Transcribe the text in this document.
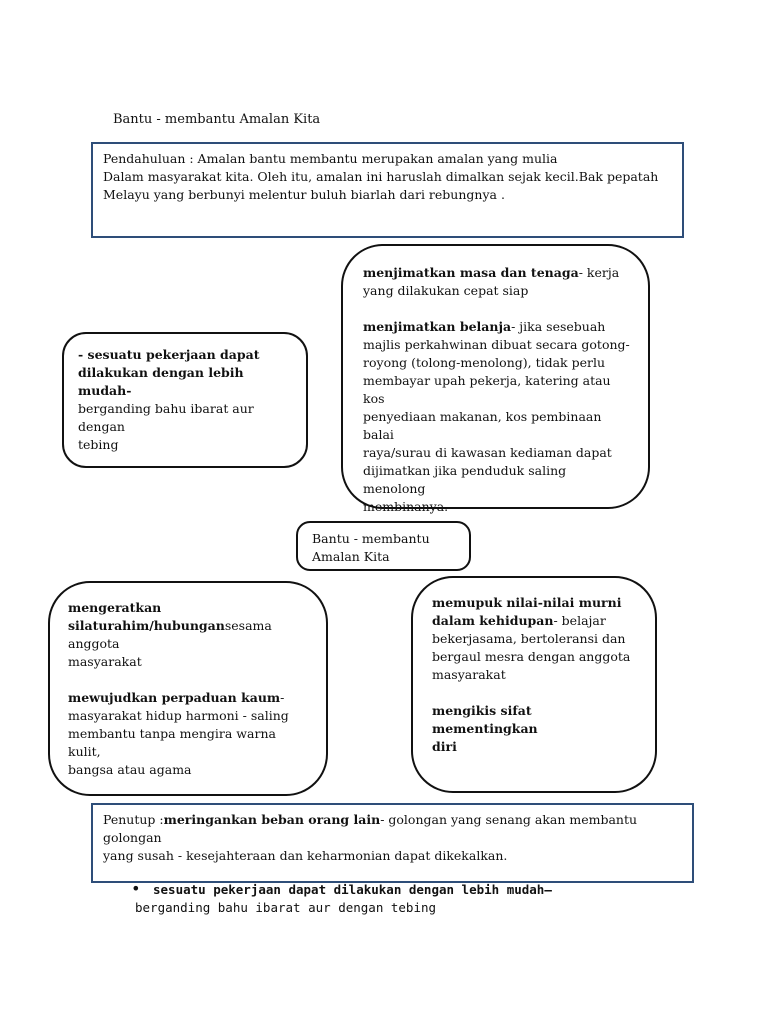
Bantu - membantu Amalan Kita
Pendahuluan : Amalan bantu membantu merupakan amalan yang mulia
Dalam masyarakat kita. Oleh itu, amalan ini haruslah dimalkan sejak kecil.Bak pepatah
Melayu yang berbunyi melentur buluh biarlah dari rebungnya .
- sesuatu pekerjaan dapat
dilakukan dengan lebih mudah-
berganding bahu ibarat aur dengan
tebing
menjimatkan masa dan tenaga- kerja
yang dilakukan cepat siap
menjimatkan belanja- jika sesebuah
majlis perkahwinan dibuat secara gotong-
royong (tolong-menolong), tidak perlu
membayar upah pekerja, katering atau kos
penyediaan makanan, kos pembinaan balai
raya/surau di kawasan kediaman dapat
dijimatkan jika penduduk saling menolong
membinanya.
Bantu - membantu
Amalan Kita
mengeratkan
silaturahim/hubungansesama anggota
masyarakat
mewujudkan perpaduan kaum-
masyarakat hidup harmoni - saling
membantu tanpa mengira warna kulit,
bangsa atau agama
memupuk nilai-nilai murni
dalam kehidupan- belajar
bekerjasama, bertoleransi dan
bergaul mesra dengan anggota
masyarakat
mengikis sifat mementingkan
diri
Penutup :meringankan beban orang lain- golongan yang senang akan membantu golongan
yang susah - kesejahteraan dan keharmonian dapat dikekalkan.
• sesuatu pekerjaan dapat dilakukan dengan lebih mudah–
berganding bahu ibarat aur dengan tebing
